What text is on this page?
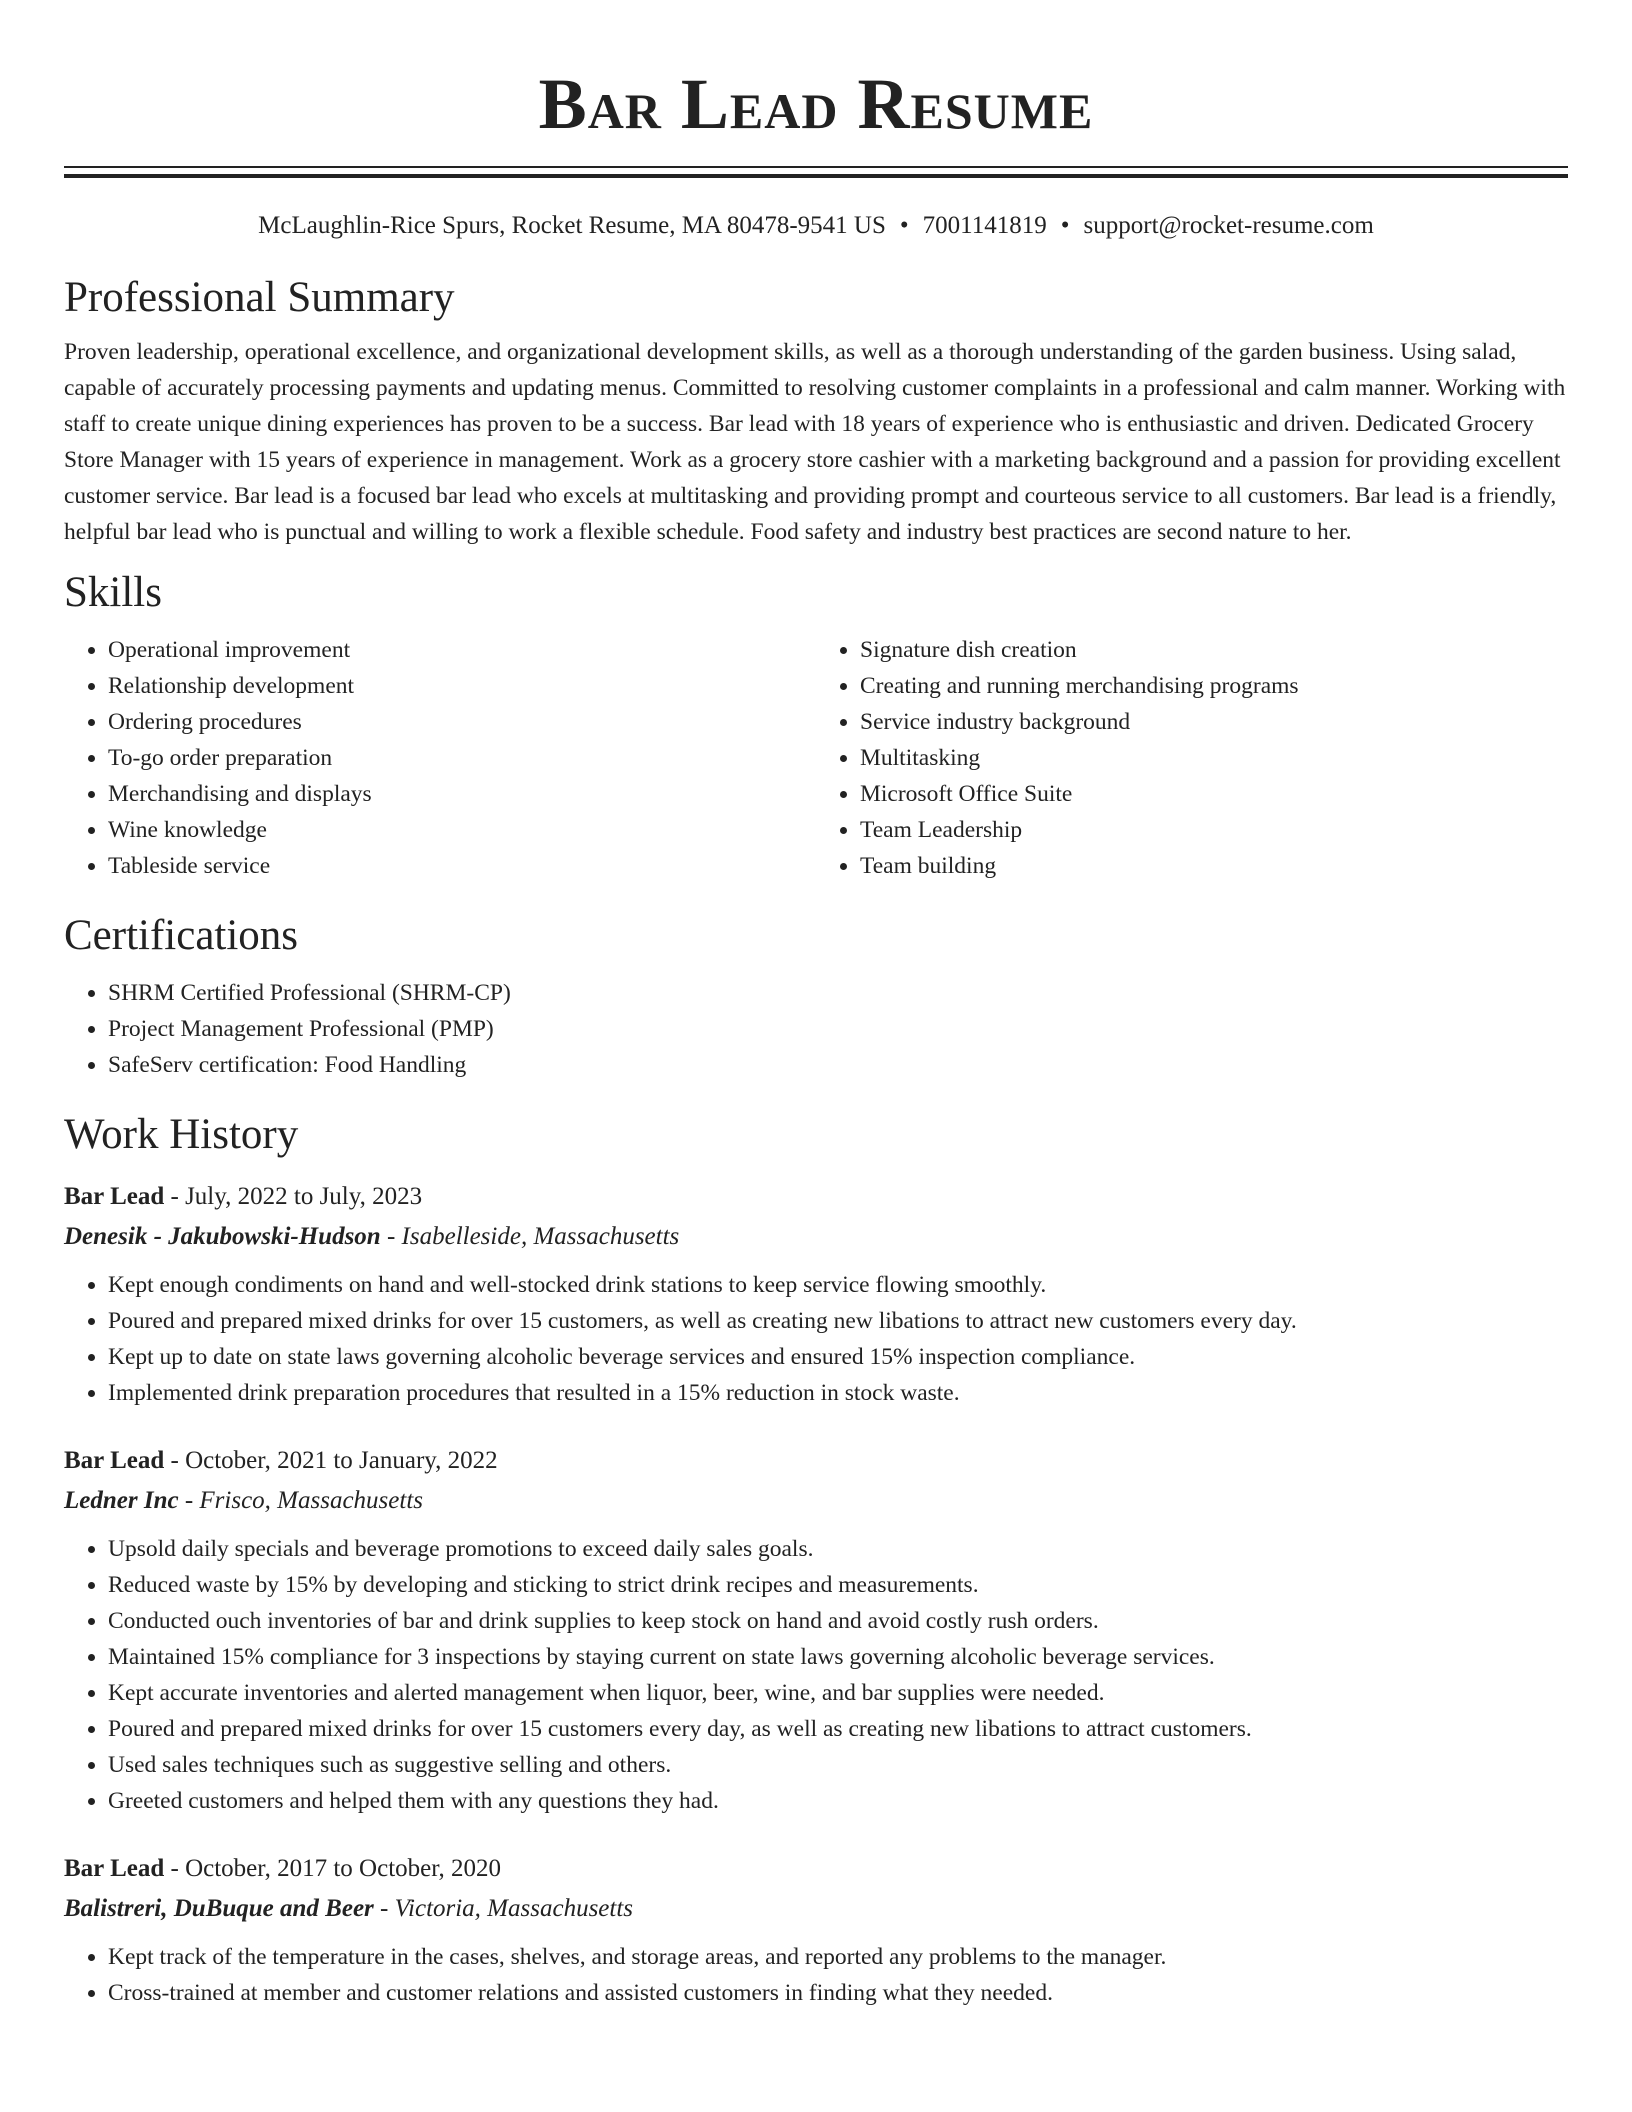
Bar Lead Resume
McLaughlin-Rice Spurs, Rocket Resume, MA 80478-9541 US • 7001141819 • support@rocket-resume.com
Professional Summary
Proven leadership, operational excellence, and organizational development skills, as well as a thorough understanding of the garden business. Using salad, capable of accurately processing payments and updating menus. Committed to resolving customer complaints in a professional and calm manner. Working with staff to create unique dining experiences has proven to be a success. Bar lead with 18 years of experience who is enthusiastic and driven. Dedicated Grocery Store Manager with 15 years of experience in management. Work as a grocery store cashier with a marketing background and a passion for providing excellent customer service. Bar lead is a focused bar lead who excels at multitasking and providing prompt and courteous service to all customers. Bar lead is a friendly, helpful bar lead who is punctual and willing to work a flexible schedule. Food safety and industry best practices are second nature to her.
Skills
• Operational improvement
• Relationship development
• Ordering procedures
• To-go order preparation
• Merchandising and displays
• Wine knowledge
• Tableside service
• Signature dish creation
• Creating and running merchandising programs
• Service industry background
• Multitasking
• Microsoft Office Suite
• Team Leadership
• Team building
Certifications
• SHRM Certified Professional (SHRM-CP)
• Project Management Professional (PMP)
• SafeServ certification: Food Handling
Work History
Bar Lead - July, 2022 to July, 2023
Denesik - Jakubowski-Hudson - Isabelleside, Massachusetts
• Kept enough condiments on hand and well-stocked drink stations to keep service flowing smoothly.
• Poured and prepared mixed drinks for over 15 customers, as well as creating new libations to attract new customers every day.
• Kept up to date on state laws governing alcoholic beverage services and ensured 15% inspection compliance.
• Implemented drink preparation procedures that resulted in a 15% reduction in stock waste.
Bar Lead - October, 2021 to January, 2022
Ledner Inc - Frisco, Massachusetts
• Upsold daily specials and beverage promotions to exceed daily sales goals.
• Reduced waste by 15% by developing and sticking to strict drink recipes and measurements.
• Conducted ouch inventories of bar and drink supplies to keep stock on hand and avoid costly rush orders.
• Maintained 15% compliance for 3 inspections by staying current on state laws governing alcoholic beverage services.
• Kept accurate inventories and alerted management when liquor, beer, wine, and bar supplies were needed.
• Poured and prepared mixed drinks for over 15 customers every day, as well as creating new libations to attract customers.
• Used sales techniques such as suggestive selling and others.
• Greeted customers and helped them with any questions they had.
Bar Lead - October, 2017 to October, 2020
Balistreri, DuBuque and Beer - Victoria, Massachusetts
• Kept track of the temperature in the cases, shelves, and storage areas, and reported any problems to the manager.
• Cross-trained at member and customer relations and assisted customers in finding what they needed.
